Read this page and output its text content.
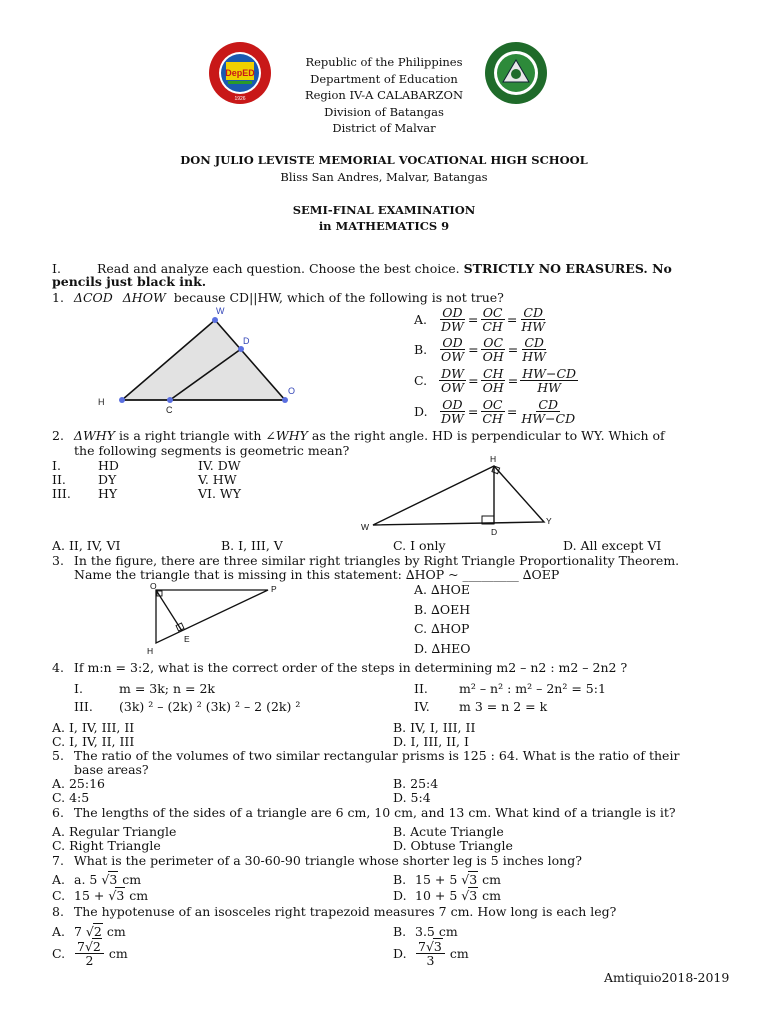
DepED
1926
Republic of the Philippines
Department of Education
Region IV-A CALABARZON
Division of Batangas
District of Malvar
DON JULIO LEVISTE MEMORIAL VOCATIONAL HIGH SCHOOL
Bliss San Andres, Malvar, Batangas
SEMI-FINAL EXAMINATION
in MATHEMATICS 9
I.	Read and analyze each question. Choose the best choice. STRICTLY NO ERASURES. No
pencils just black ink.
1. ΔCOD ΔHOW because CD||HW, which of the following is not true?
W
D
H
C
O
A. $\frac{OD}{DW} = \frac{OC}{CH} = \frac{CD}{HW}$
B. $\frac{OD}{OW} = \frac{OC}{OH} = \frac{CD}{HW}$
C. $\frac{DW}{OW} = \frac{CH}{OH} = \frac{HW-CD}{HW}$
D. $\frac{OD}{DW} = \frac{OC}{CH} = \frac{CD}{HW-CD}$
2. ΔWHY is a right triangle with ∠WHY as the right angle. HD is perpendicular to WY. Which of
the following segments is geometric mean?
I.	HD	IV. DW
II.	DY	V. HW
III. HY	VI. WY
H
W	D
Y
A. II, IV, VI	B. I, III, V	C. I only	D. All except VI
3. In the figure, there are three similar right triangles by Right Triangle Proportionality Theorem.
Name the triangle that is missing in this statement: ∆HOP ~ _________ ∆OEP
O	P
E
H
A. ∆HOE
B. ∆OEH
C. ∆HOP
D. ∆HEO
4. If m:n = 3:2, what is the correct order of the steps in determining m2 – n2 : m2 – 2n2 ?
I.	m = 3k; n = 2k	II. m² – n² : m² – 2n² = 5:1
III. (3k) ² – (2k) ² (3k) ² – 2 (2k) ²	IV. m 3 = n 2 = k
A. I, IV, III, II	B. IV, I, III, II
C. I, IV, II, III	D. I, III, II, I
5. The ratio of the volumes of two similar rectangular prisms is 125 : 64. What is the ratio of their
base areas?
A. 25:16	B. 25:4
C. 4:5	D. 5:4
6. The lengths of the sides of a triangle are 6 cm, 10 cm, and 13 cm. What kind of a triangle is it?
A. Regular Triangle	B. Acute Triangle
C. Right Triangle	D. Obtuse Triangle
7. What is the perimeter of a 30-60-90 triangle whose shorter leg is 5 inches long?
A. a. 5 √3 cm	B. 15 + 5 √3 cm
C. 15 + √3 cm	D. 10 + 5 √3 cm
8. The hypotenuse of an isosceles right trapezoid measures 7 cm. How long is each leg?
A. 7 √2 cm	B. 3.5 cm
C. $\frac{7√2}{2}$ cm	D. $\frac{7√3}{3}$ cm
Amtiquio2018-2019
